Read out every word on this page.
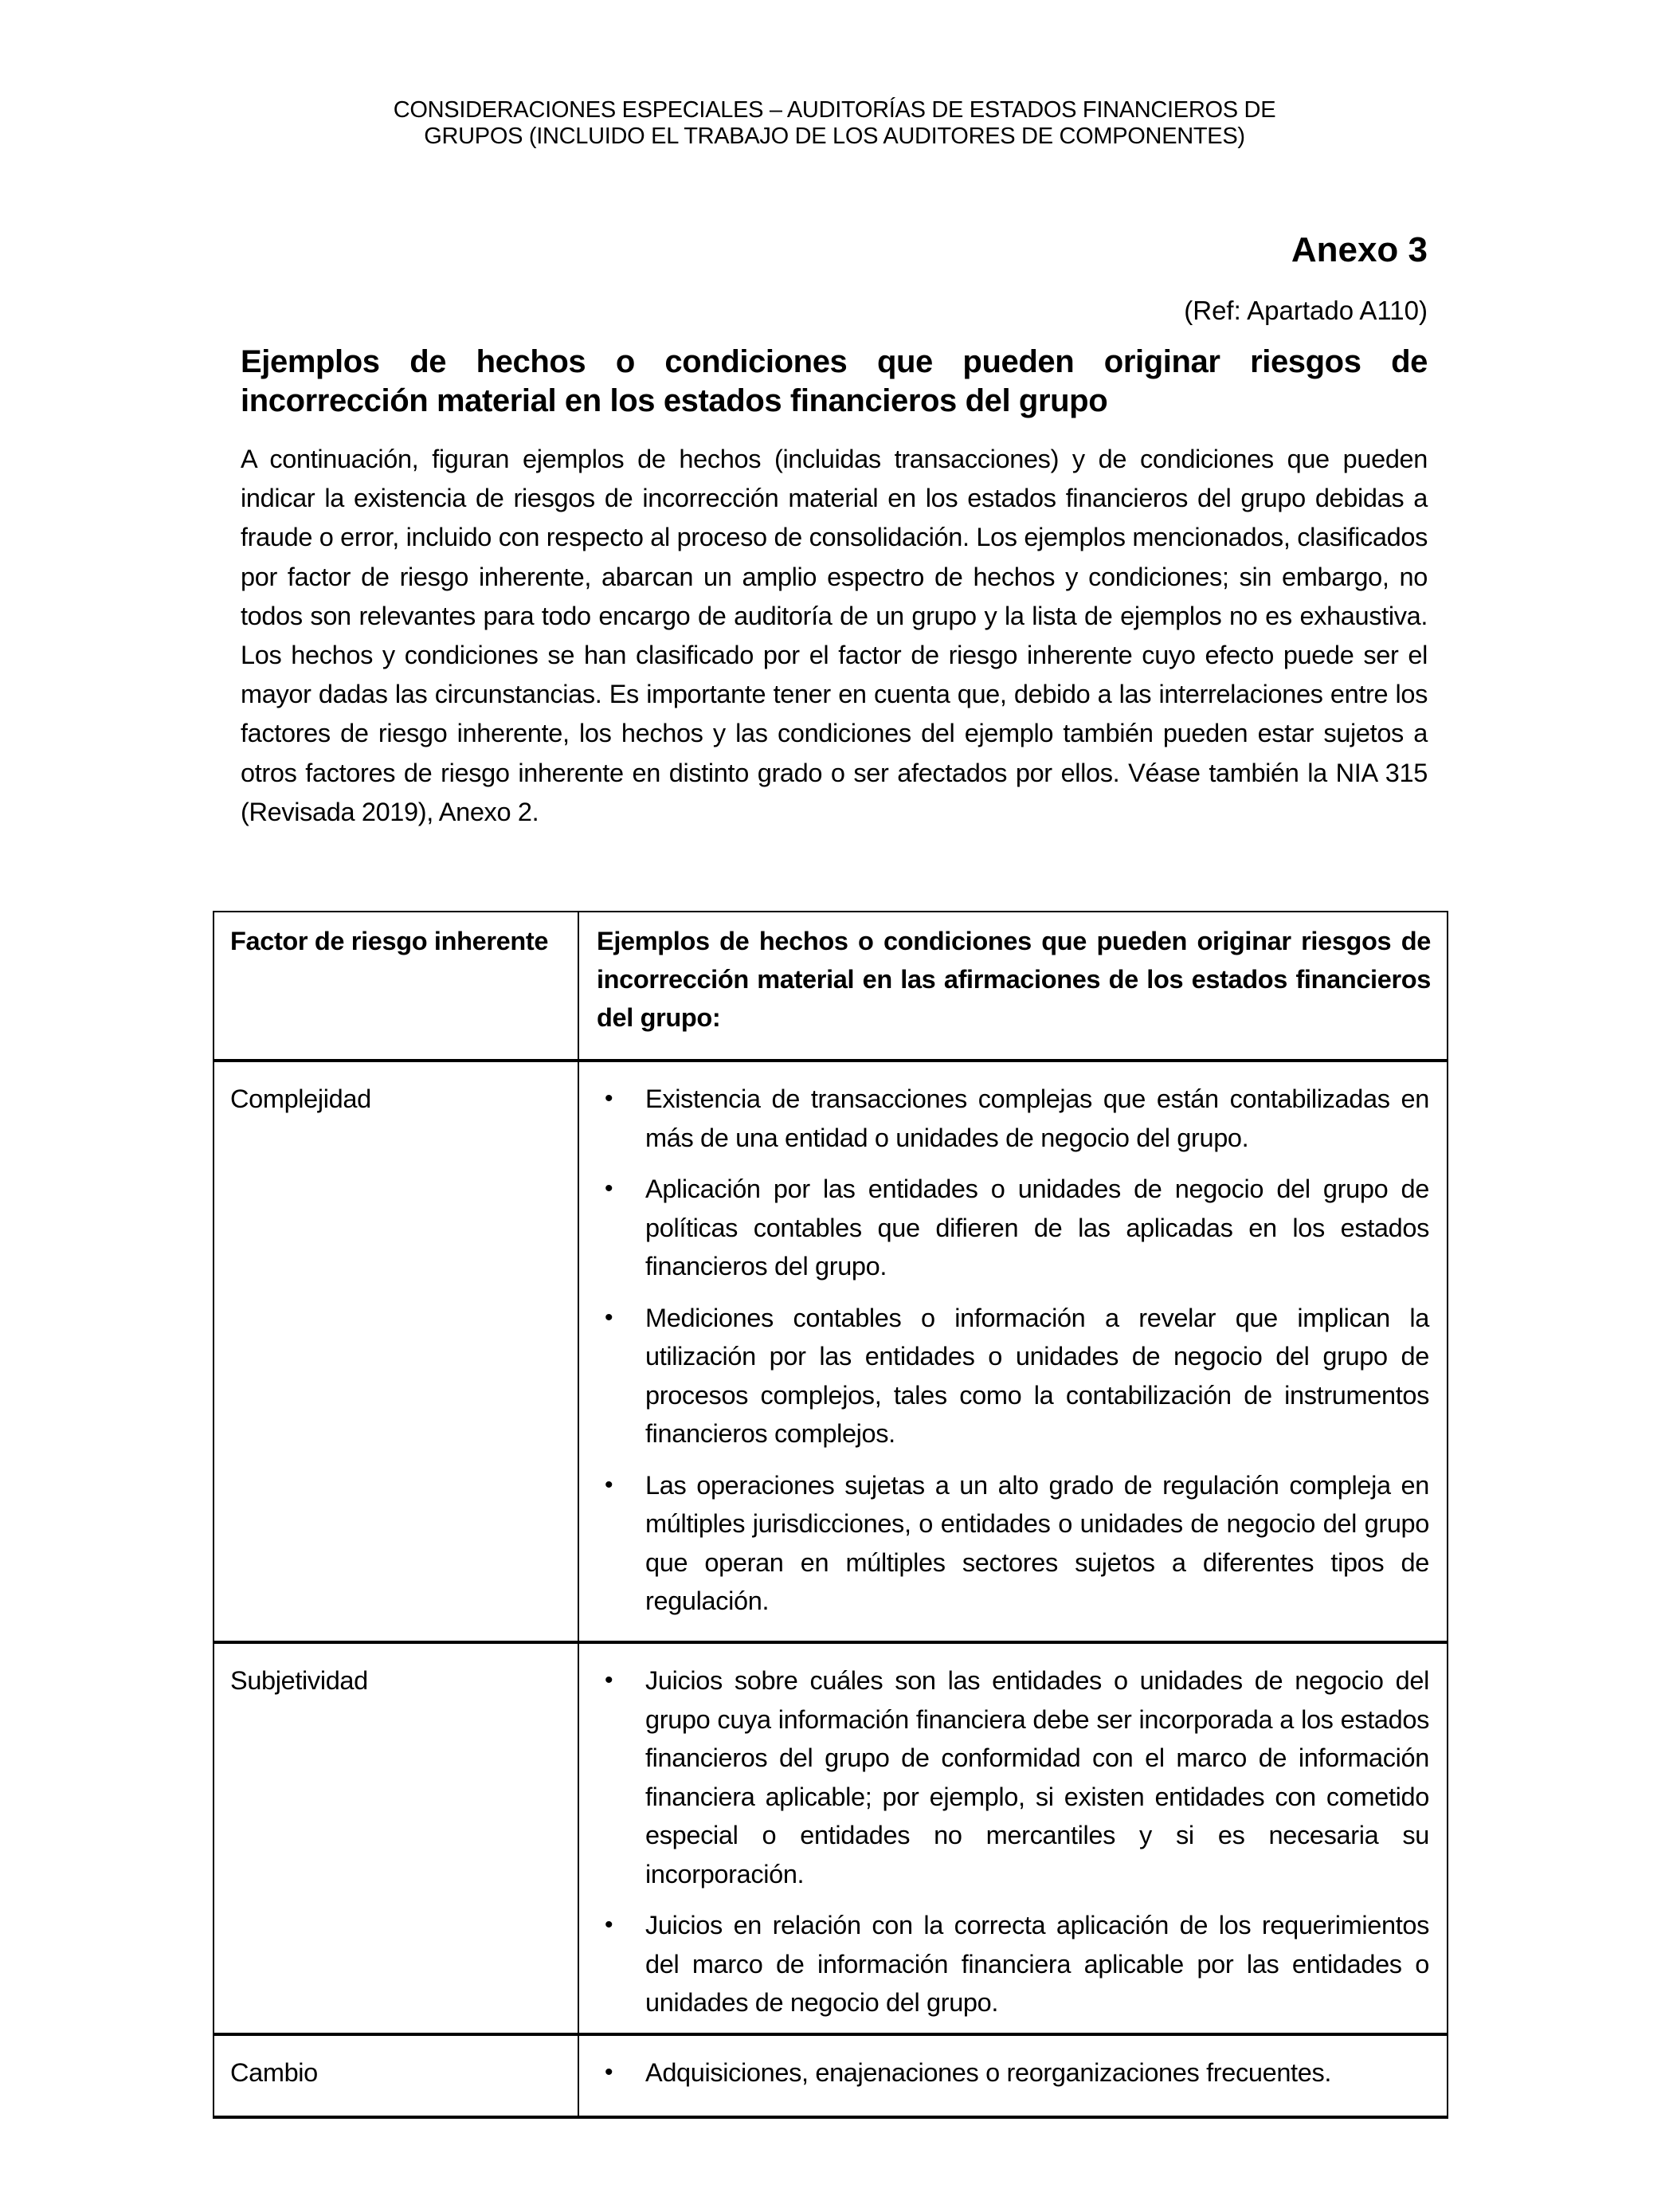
CONSIDERACIONES ESPECIALES – AUDITORÍAS DE ESTADOS FINANCIEROS DE
GRUPOS (INCLUIDO EL TRABAJO DE LOS AUDITORES DE COMPONENTES)
Anexo 3
(Ref: Apartado A110)
Ejemplos de hechos o condiciones que pueden originar riesgos de incorrección material en los estados financieros del grupo

A continuación, figuran ejemplos de hechos (incluidas transacciones) y de condiciones que pueden indicar la existencia de riesgos de incorrección material en los estados financieros del grupo debidas a fraude o error, incluido con respecto al proceso de consolidación. Los ejemplos mencionados, clasificados por factor de riesgo inherente, abarcan un amplio espectro de hechos y condiciones; sin embargo, no todos son relevantes para todo encargo de auditoría de un grupo y la lista de ejemplos no es exhaustiva. Los hechos y condiciones se han clasificado por el factor de riesgo inherente cuyo efecto puede ser el mayor dadas las circunstancias. Es importante tener en cuenta que, debido a las interrelaciones entre los factores de riesgo inherente, los hechos y las condiciones del ejemplo también pueden estar sujetos a otros factores de riesgo inherente en distinto grado o ser afectados por ellos. Véase también la NIA 315 (Revisada 2019), Anexo 2.

Factor de riesgo inherente	Ejemplos de hechos o condiciones que pueden originar riesgos de incorrección material en las afirmaciones de los estados financieros del grupo:
Complejidad	•	Existencia de transacciones complejas que están contabilizadas en más de una entidad o unidades de negocio del grupo.
•	Aplicación por las entidades o unidades de negocio del grupo de políticas contables que difieren de las aplicadas en los estados financieros del grupo.
•	Mediciones contables o información a revelar que implican la utilización por las entidades o unidades de negocio del grupo de procesos complejos, tales como la contabilización de instrumentos financieros complejos.
•	Las operaciones sujetas a un alto grado de regulación compleja en múltiples jurisdicciones, o entidades o unidades de negocio del grupo que operan en múltiples sectores sujetos a diferentes tipos de regulación.

Subjetividad	•	Juicios sobre cuáles son las entidades o unidades de negocio del grupo cuya información financiera debe ser incorporada a los estados financieros del grupo de conformidad con el marco de información financiera aplicable; por ejemplo, si existen entidades con cometido especial o entidades no mercantiles y si es necesaria su incorporación.
•	Juicios en relación con la correcta aplicación de los requerimientos del marco de información financiera aplicable por las entidades o unidades de negocio del grupo.

Cambio	•	Adquisiciones, enajenaciones o reorganizaciones frecuentes.
